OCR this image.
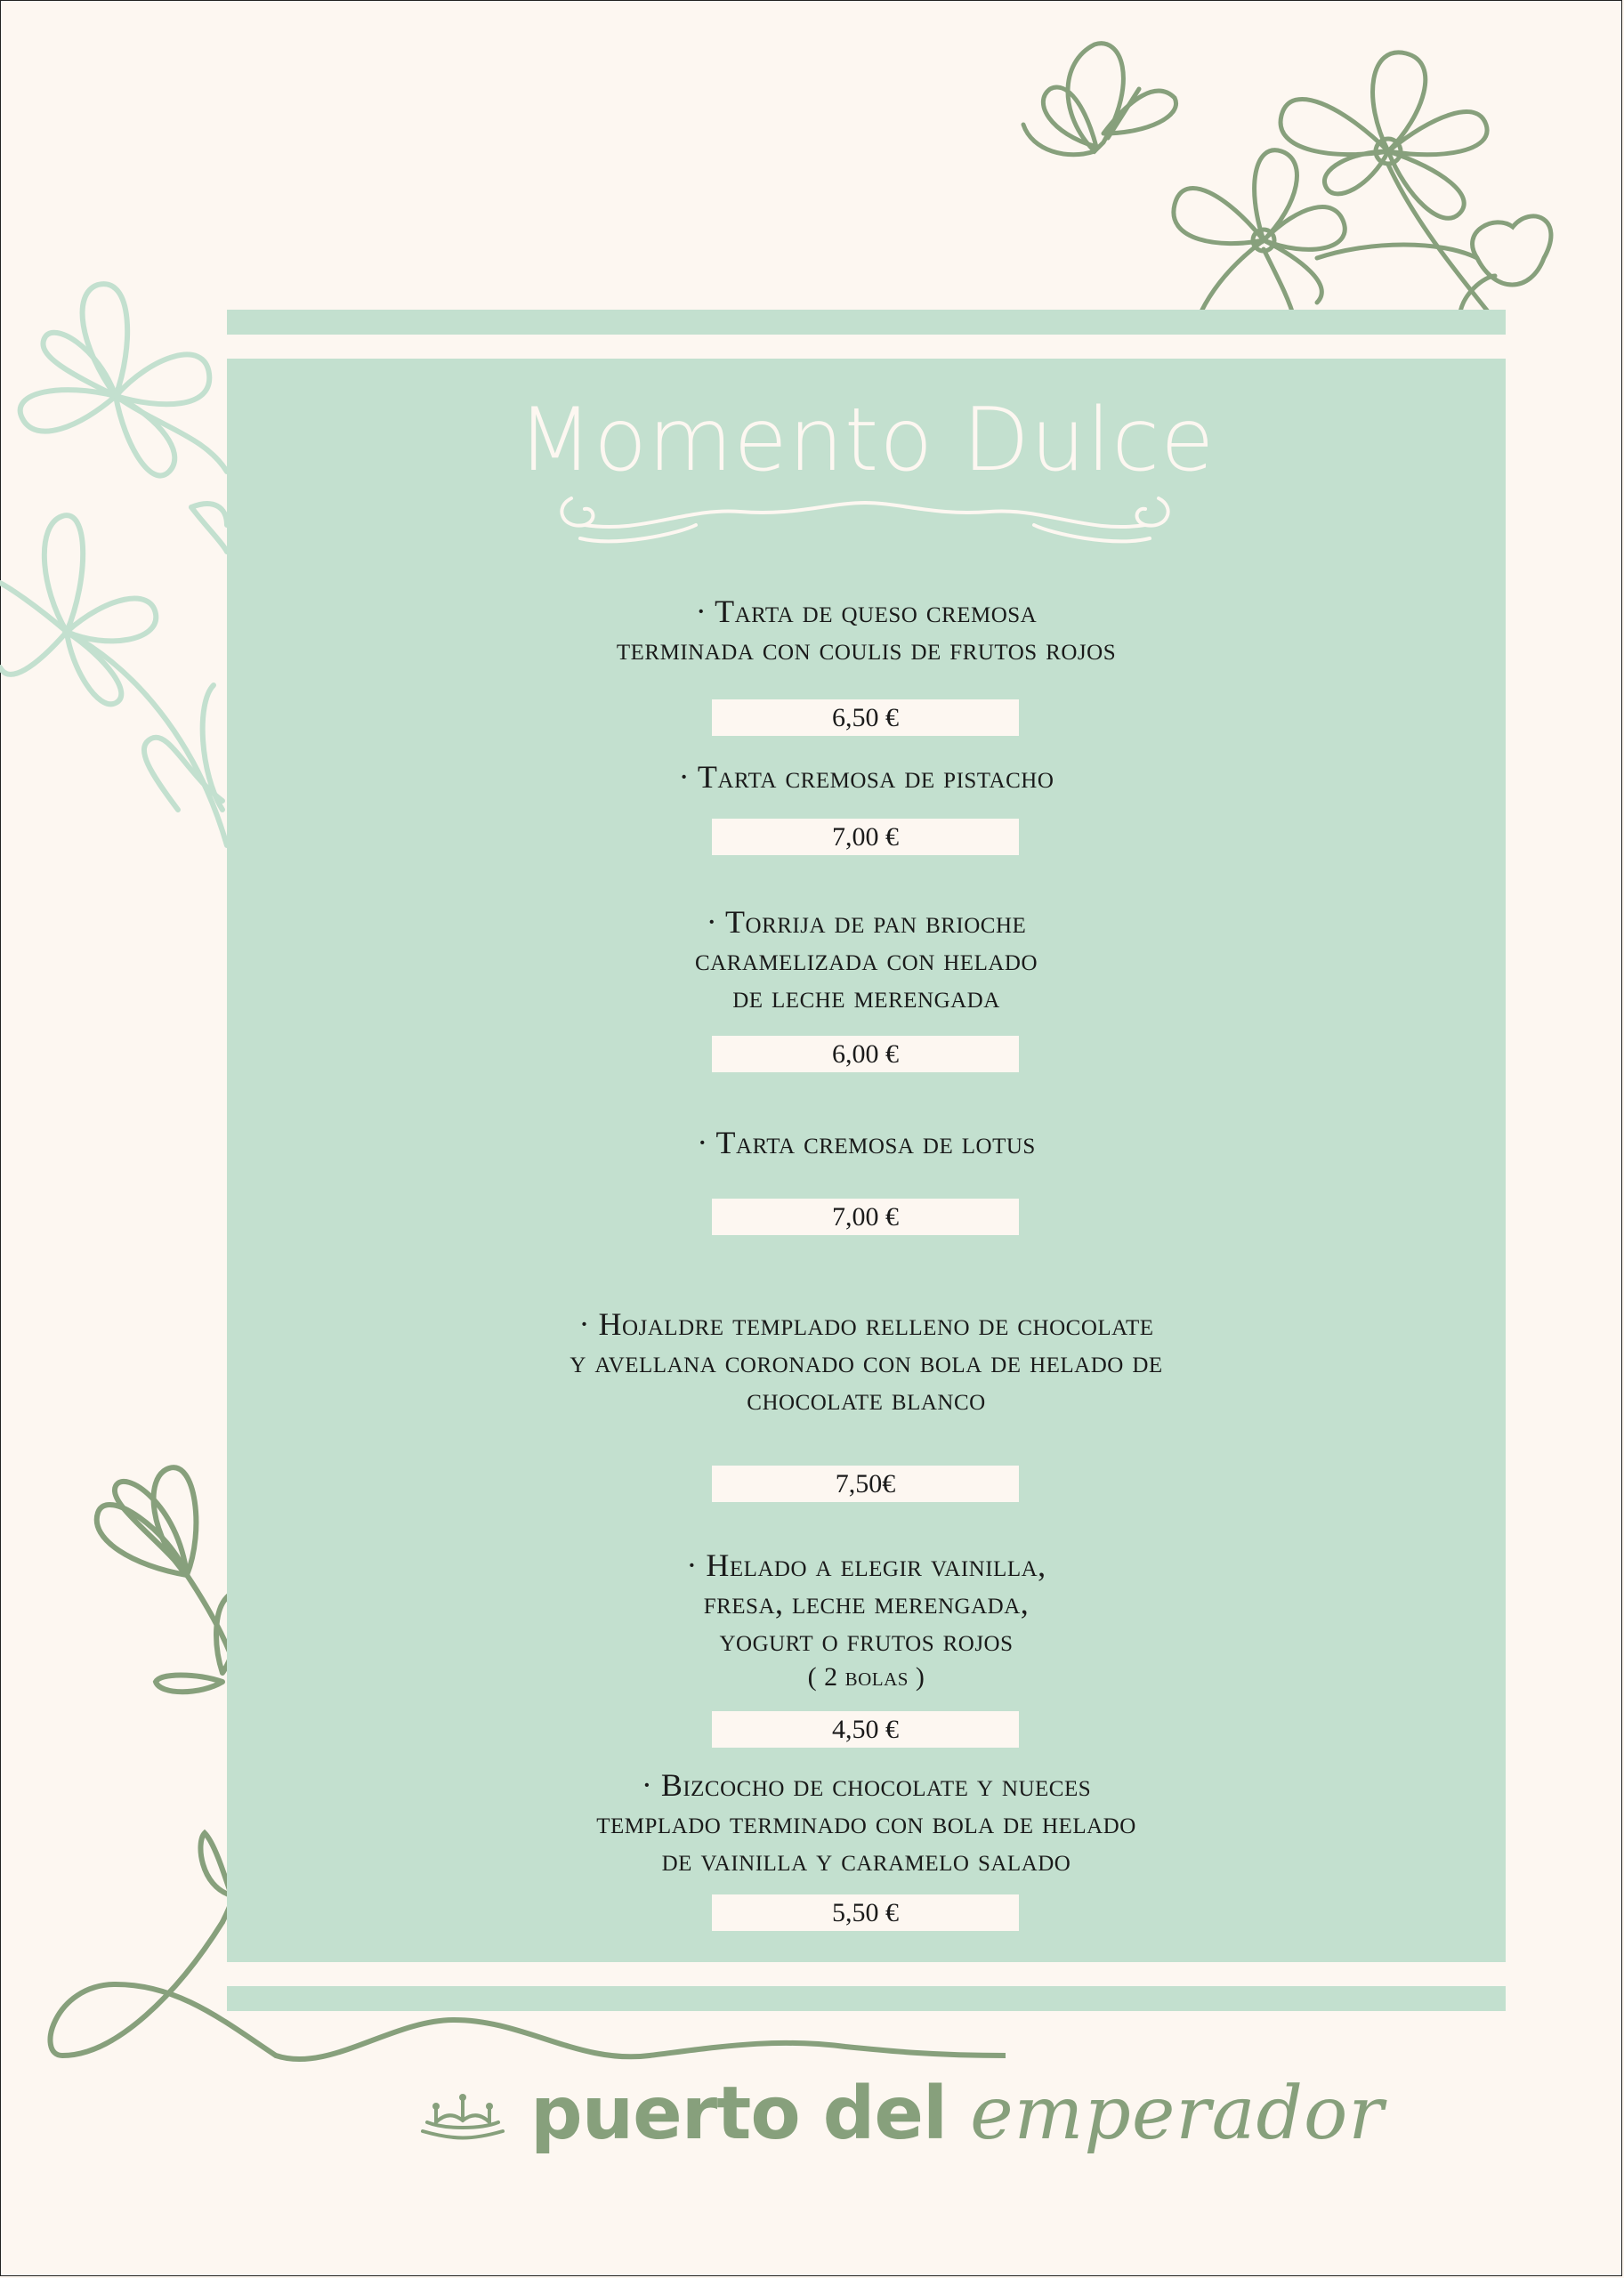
Momento Dulce
· Tarta de queso cremosa
terminada con coulis de frutos rojos
6,50 €
· Tarta cremosa de pistacho
7,00 €
· Torrija de pan brioche
caramelizada con helado
de leche merengada
6,00 €
· Tarta cremosa de lotus
7,00 €
· Hojaldre templado relleno de chocolate
y avellana coronado con bola de helado de
chocolate blanco
7,50€
· Helado a elegir vainilla,
fresa, leche merengada,
yogurt o frutos rojos
( 2 bolas )
4,50 €
· Bizcocho de chocolate y nueces
templado terminado con bola de helado
de vainilla y caramelo salado
5,50 €
puerto del emperador
